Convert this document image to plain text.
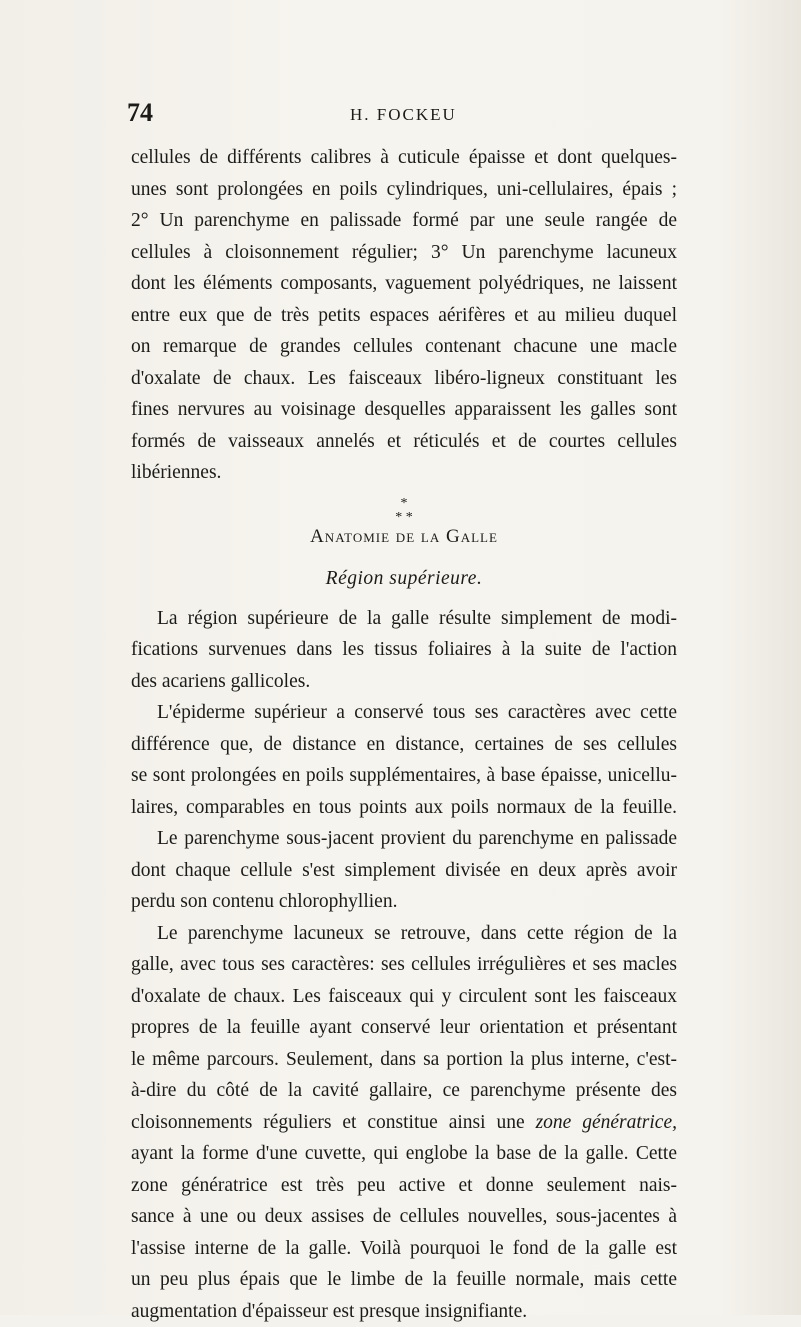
74	H. FOCKEU
cellules de différents calibres à cuticule épaisse et dont quelques-
unes sont prolongées en poils cylindriques, uni-cellulaires, épais ;
2° Un parenchyme en palissade formé par une seule rangée de
cellules à cloisonnement régulier; 3° Un parenchyme lacuneux
dont les éléments composants, vaguement polyédriques, ne laissent
entre eux que de très petits espaces aérifères et au milieu duquel
on remarque de grandes cellules contenant chacune une macle
d'oxalate de chaux. Les faisceaux libéro-ligneux constituant les
fines nervures au voisinage desquelles apparaissent les galles sont
formés de vaisseaux annelés et réticulés et de courtes cellules
libériennes.
*
* *
Anatomie de la Galle
Région supérieure.
La région supérieure de la galle résulte simplement de modi-
fications survenues dans les tissus foliaires à la suite de l'action
des acariens gallicoles.
L'épiderme supérieur a conservé tous ses caractères avec cette
différence que, de distance en distance, certaines de ses cellules
se sont prolongées en poils supplémentaires, à base épaisse, unicellu-
laires, comparables en tous points aux poils normaux de la feuille.
Le parenchyme sous-jacent provient du parenchyme en palissade
dont chaque cellule s'est simplement divisée en deux après avoir
perdu son contenu chlorophyllien.
Le parenchyme lacuneux se retrouve, dans cette région de la
galle, avec tous ses caractères: ses cellules irrégulières et ses macles
d'oxalate de chaux. Les faisceaux qui y circulent sont les faisceaux
propres de la feuille ayant conservé leur orientation et présentant
le même parcours. Seulement, dans sa portion la plus interne, c'est-
à-dire du côté de la cavité gallaire, ce parenchyme présente des
cloisonnements réguliers et constitue ainsi une zone génératrice,
ayant la forme d'une cuvette, qui englobe la base de la galle. Cette
zone génératrice est très peu active et donne seulement nais-
sance à une ou deux assises de cellules nouvelles, sous-jacentes à
l'assise interne de la galle. Voilà pourquoi le fond de la galle est
un peu plus épais que le limbe de la feuille normale, mais cette
augmentation d'épaisseur est presque insignifiante.
